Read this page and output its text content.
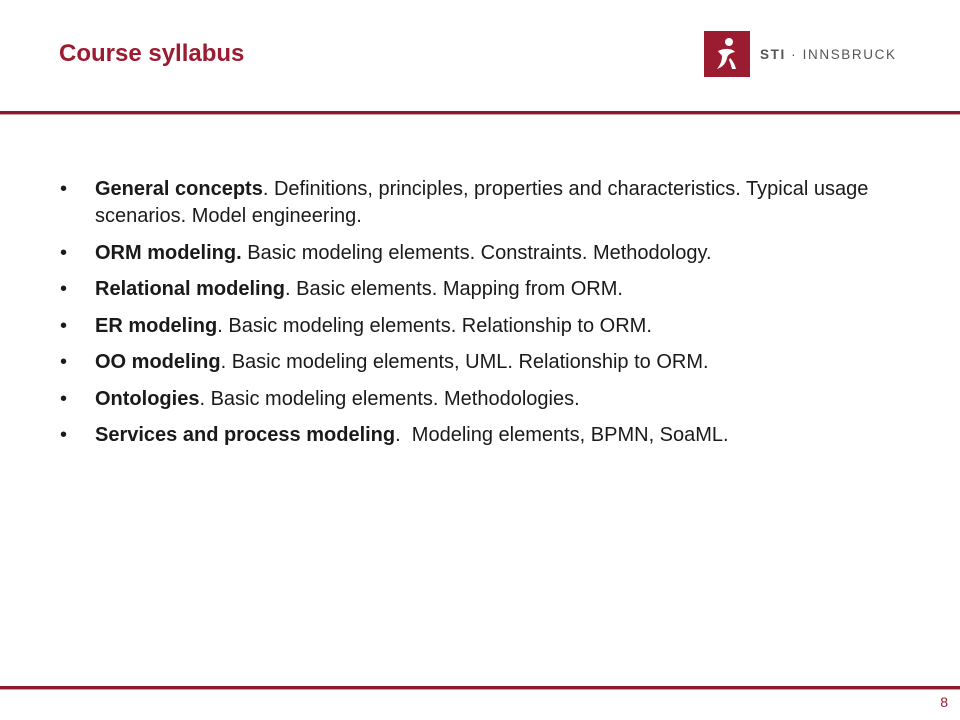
Course syllabus	STI · INNSBRUCK
• General concepts. Definitions, principles, properties and characteristics. Typical usage scenarios. Model engineering.
• ORM modeling. Basic modeling elements. Constraints. Methodology.
• Relational modeling. Basic elements. Mapping from ORM.
• ER modeling. Basic modeling elements. Relationship to ORM.
• OO modeling. Basic modeling elements, UML. Relationship to ORM.
• Ontologies. Basic modeling elements. Methodologies.
• Services and process modeling.  Modeling elements, BPMN, SoaML.
8
